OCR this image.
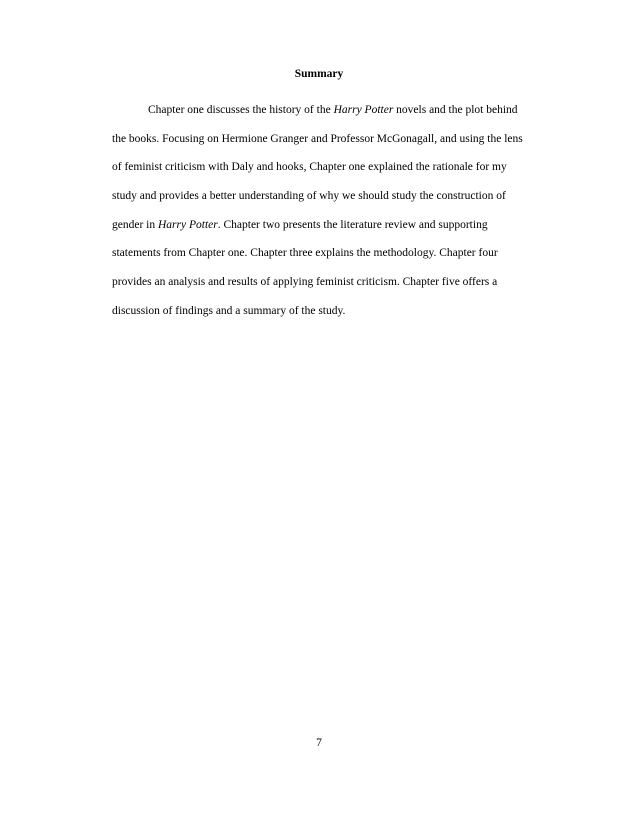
Summary
Chapter one discusses the history of the Harry Potter novels and the plot behind
the books. Focusing on Hermione Granger and Professor McGonagall, and using the lens
of feminist criticism with Daly and hooks, Chapter one explained the rationale for my
study and provides a better understanding of why we should study the construction of
gender in Harry Potter. Chapter two presents the literature review and supporting
statements from Chapter one. Chapter three explains the methodology. Chapter four
provides an analysis and results of applying feminist criticism. Chapter five offers a
discussion of findings and a summary of the study.
7
